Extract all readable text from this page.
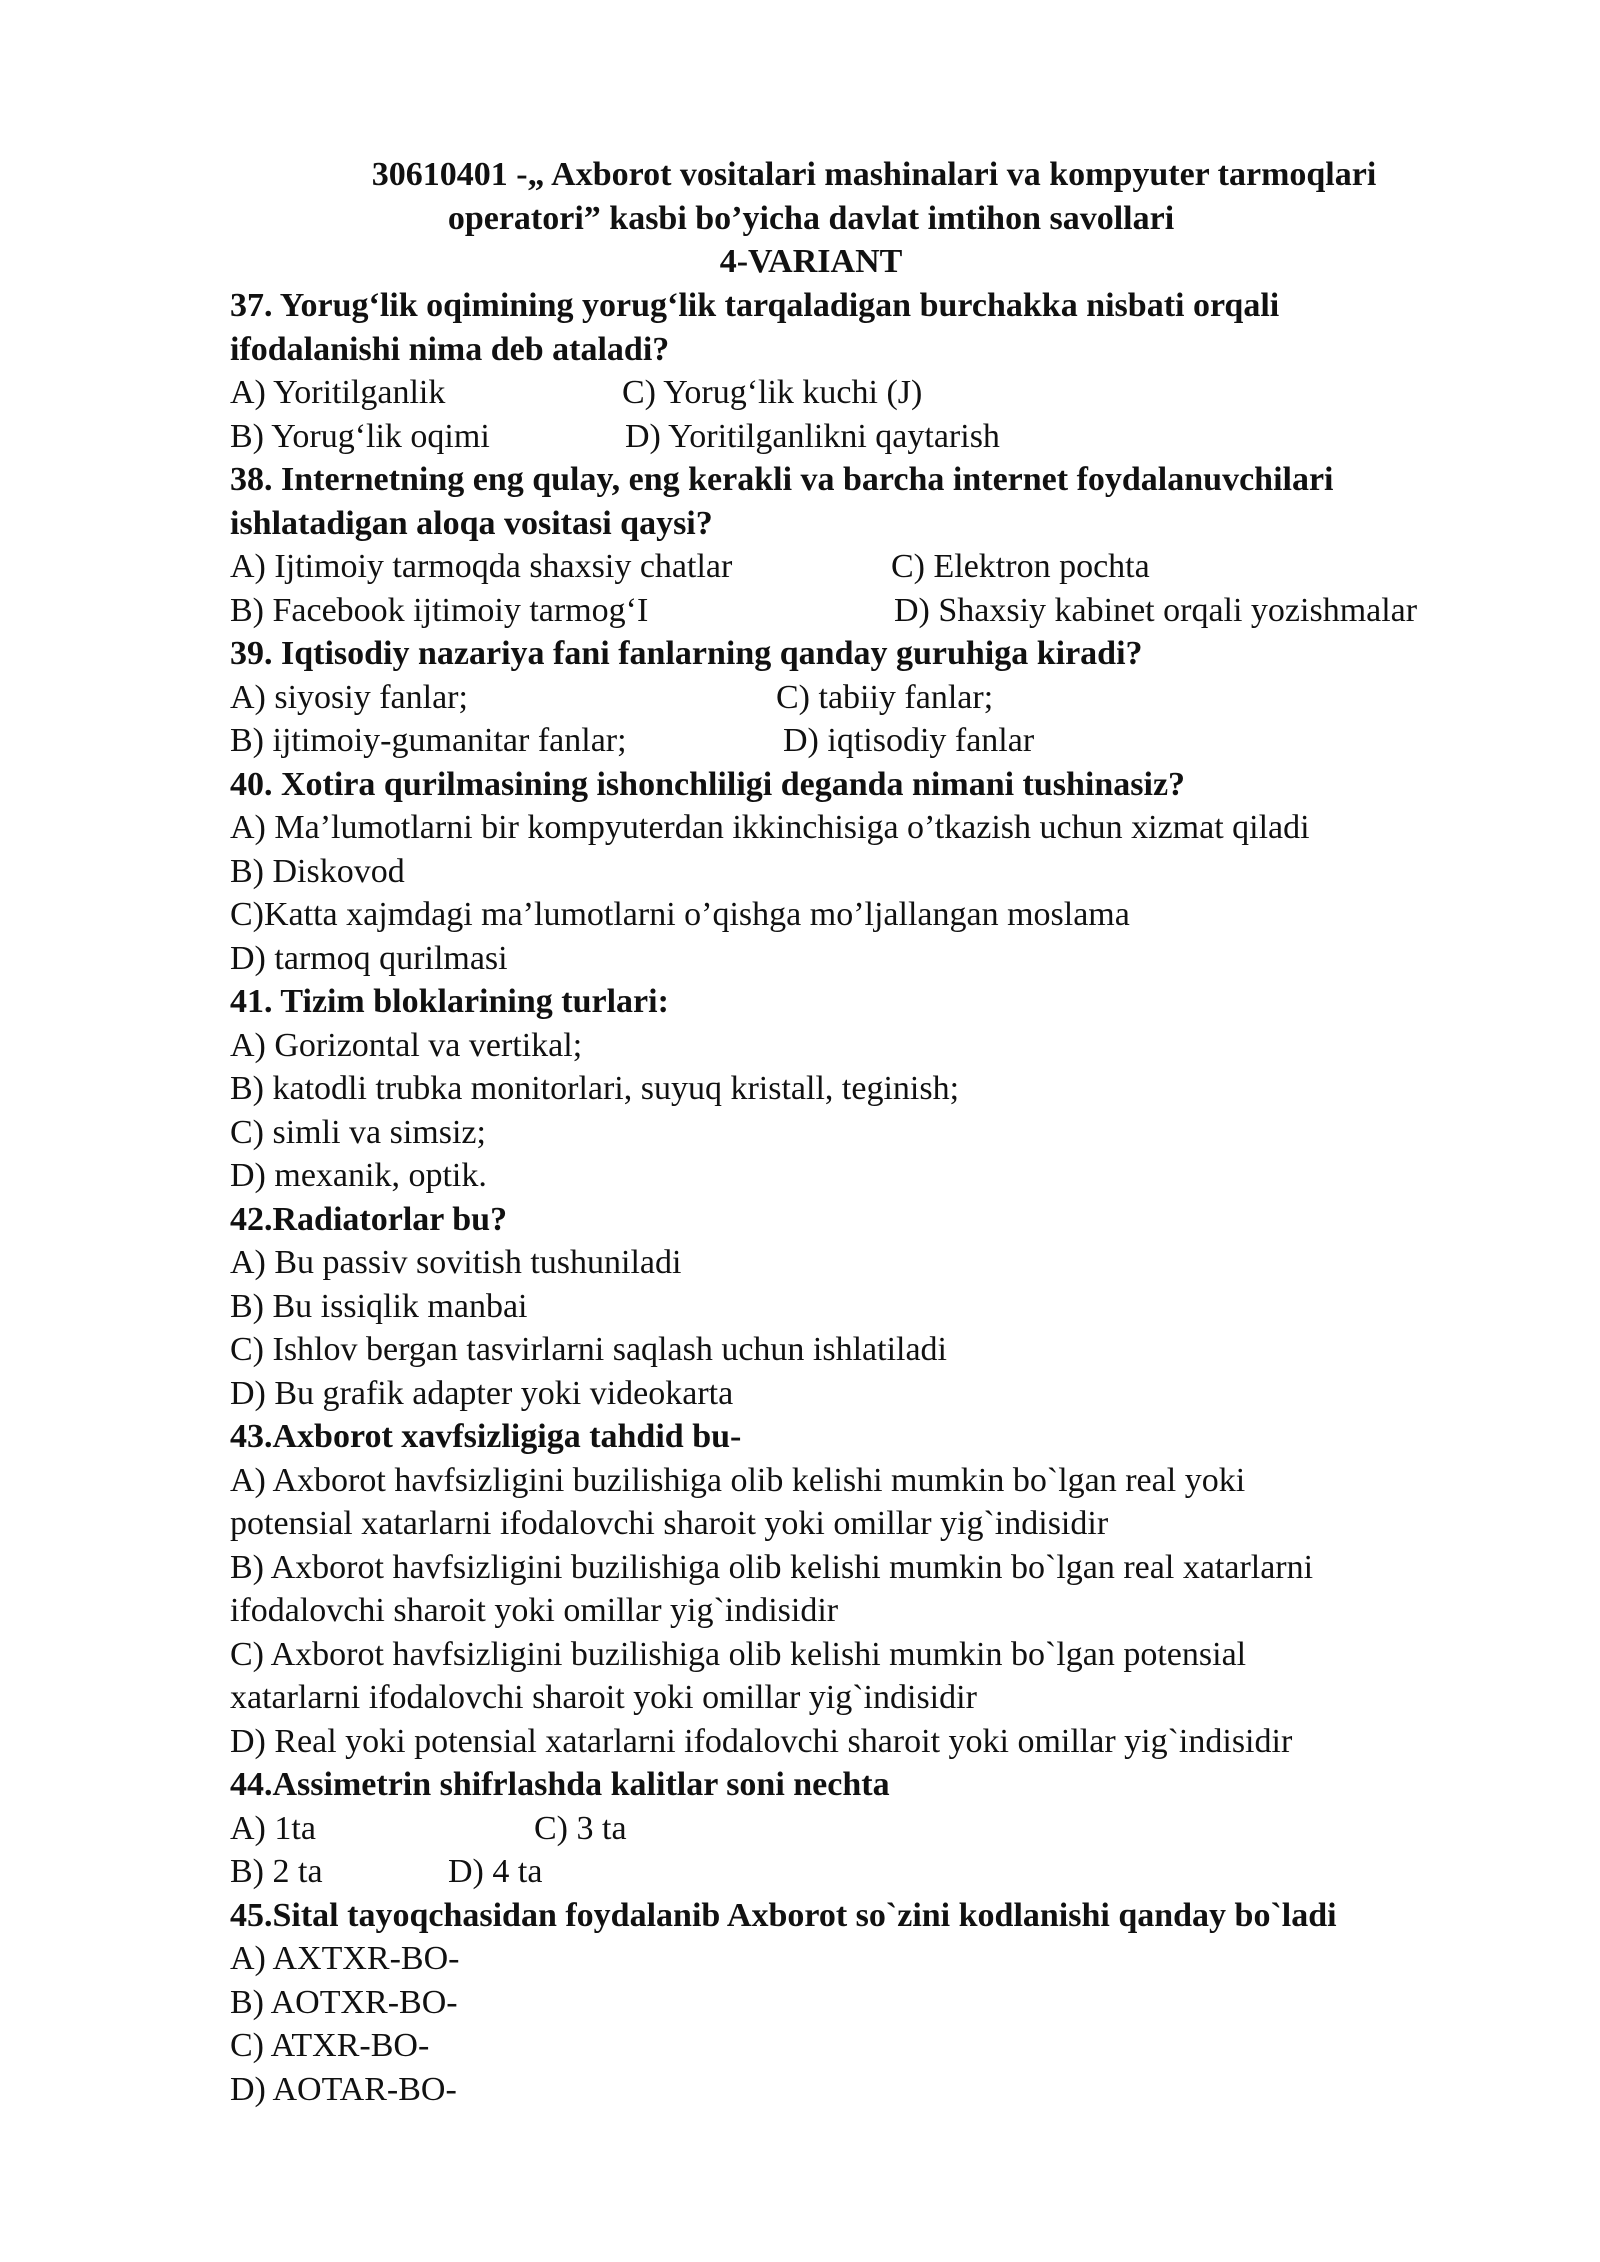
30610401 -„ Axborot vositalari mashinalari va kompyuter tarmoqlari
operatori” kasbi bo’yicha davlat imtihon savollari
4-VARIANT
37. Yorug‘lik oqimining yorug‘lik tarqaladigan burchakka nisbati orqali
ifodalanishi nima deb ataladi?
A) Yoritilganlik	C) Yorug‘lik kuchi (J)
B) Yorug‘lik oqimi	D) Yoritilganlikni qaytarish
38. Internetning eng qulay, eng kerakli va barcha internet foydalanuvchilari
ishlatadigan aloqa vositasi qaysi?
A) Ijtimoiy tarmoqda shaxsiy chatlar	C) Elektron pochta
B) Facebook ijtimoiy tarmog‘I	D) Shaxsiy kabinet orqali yozishmalar
39. Iqtisodiy nazariya fani fanlarning qanday guruhiga kiradi?
A) siyosiy fanlar;	C) tabiiy fanlar;
B) ijtimoiy-gumanitar fanlar;	D) iqtisodiy fanlar
40. Xotira qurilmasining ishonchliligi deganda nimani tushinasiz?
A) Ma’lumotlarni bir kompyuterdan ikkinchisiga o’tkazish uchun xizmat qiladi
B) Diskovod
C)Katta xajmdagi ma’lumotlarni o’qishga mo’ljallangan moslama
D) tarmoq qurilmasi
41. Tizim bloklarining turlari:
A) Gorizontal va vertikal;
B) katodli trubka monitorlari, suyuq kristall, teginish;
C) simli va simsiz;
D) mexanik, optik.
42.Radiatorlar bu?
A) Bu passiv sovitish tushuniladi
B) Bu issiqlik manbai
C) Ishlov bergan tasvirlarni saqlash uchun ishlatiladi
D) Bu grafik adapter yoki videokarta
43.Axborot xavfsizligiga tahdid bu-
A) Axborot havfsizligini buzilishiga olib kelishi mumkin bo`lgan real yoki
potensial xatarlarni ifodalovchi sharoit yoki omillar yig`indisidir
B) Axborot havfsizligini buzilishiga olib kelishi mumkin bo`lgan real xatarlarni
ifodalovchi sharoit yoki omillar yig`indisidir
C) Axborot havfsizligini buzilishiga olib kelishi mumkin bo`lgan potensial
xatarlarni ifodalovchi sharoit yoki omillar yig`indisidir
D) Real yoki potensial xatarlarni ifodalovchi sharoit yoki omillar yig`indisidir
44.Assimetrin shifrlashda kalitlar soni nechta
A) 1ta	C) 3 ta
B) 2 ta	D) 4 ta
45.Sital tayoqchasidan foydalanib Axborot so`zini kodlanishi qanday bo`ladi
A) AXTXR-BO-
B) AOTXR-BO-
C) ATXR-BO-
D) AOTAR-BO-
